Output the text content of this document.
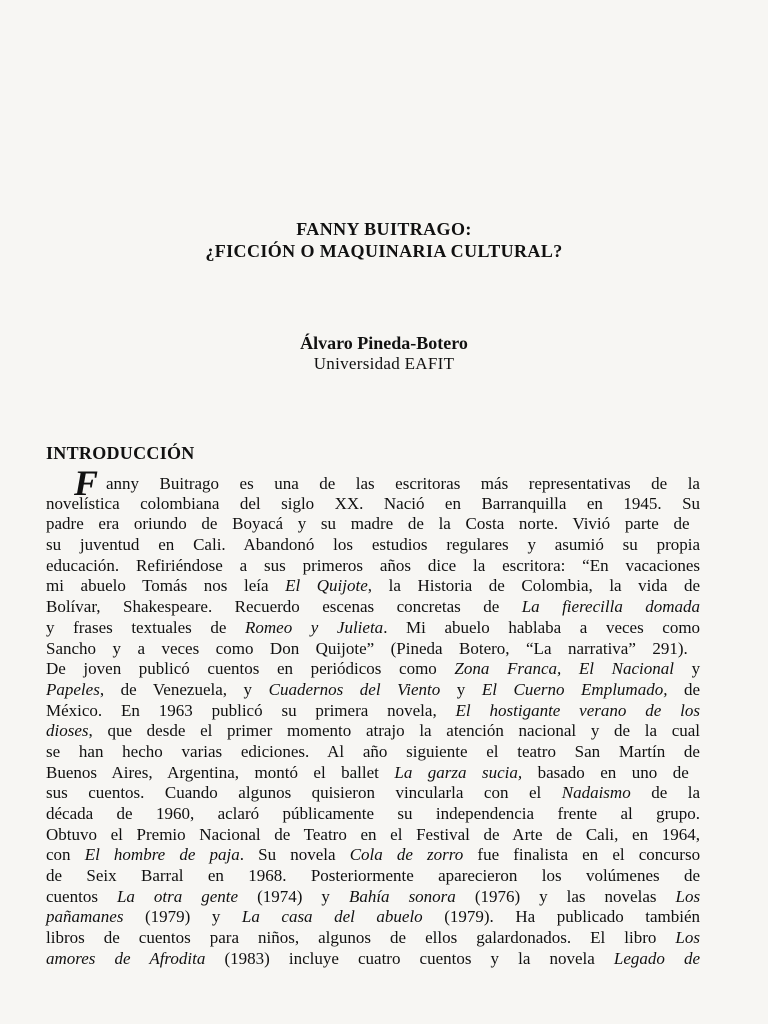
FANNY BUITRAGO:
¿FICCIÓN O MAQUINARIA CULTURAL?
Álvaro Pineda-Botero
Universidad EAFIT
INTRODUCCIÓN
Fanny Buitrago es una de las escritoras más representativas de la
novelística colombiana del siglo XX. Nació en Barranquilla en 1945. Su
padre era oriundo de Boyacá y su madre de la Costa norte. Vivió parte de
su juventud en Cali. Abandonó los estudios regulares y asumió su propia
educación. Refiriéndose a sus primeros años dice la escritora: “En vacaciones
mi abuelo Tomás nos leía El Quijote, la Historia de Colombia, la vida de
Bolívar, Shakespeare. Recuerdo escenas concretas de La fierecilla domada
y frases textuales de Romeo y Julieta. Mi abuelo hablaba a veces como
Sancho y a veces como Don Quijote” (Pineda Botero, “La narrativa” 291).
De joven publicó cuentos en periódicos como Zona Franca, El Nacional y
Papeles, de Venezuela, y Cuadernos del Viento y El Cuerno Emplumado, de
México. En 1963 publicó su primera novela, El hostigante verano de los
dioses, que desde el primer momento atrajo la atención nacional y de la cual
se han hecho varias ediciones. Al año siguiente el teatro San Martín de
Buenos Aires, Argentina, montó el ballet La garza sucia, basado en uno de
sus cuentos. Cuando algunos quisieron vincularla con el Nadaismo de la
década de 1960, aclaró públicamente su independencia frente al grupo.
Obtuvo el Premio Nacional de Teatro en el Festival de Arte de Cali, en 1964,
con El hombre de paja. Su novela Cola de zorro fue finalista en el concurso
de Seix Barral en 1968. Posteriormente aparecieron los volúmenes de
cuentos La otra gente (1974) y Bahía sonora (1976) y las novelas Los
pañamanes (1979) y La casa del abuelo (1979). Ha publicado también
libros de cuentos para niños, algunos de ellos galardonados. El libro Los
amores de Afrodita (1983) incluye cuatro cuentos y la novela Legado de
